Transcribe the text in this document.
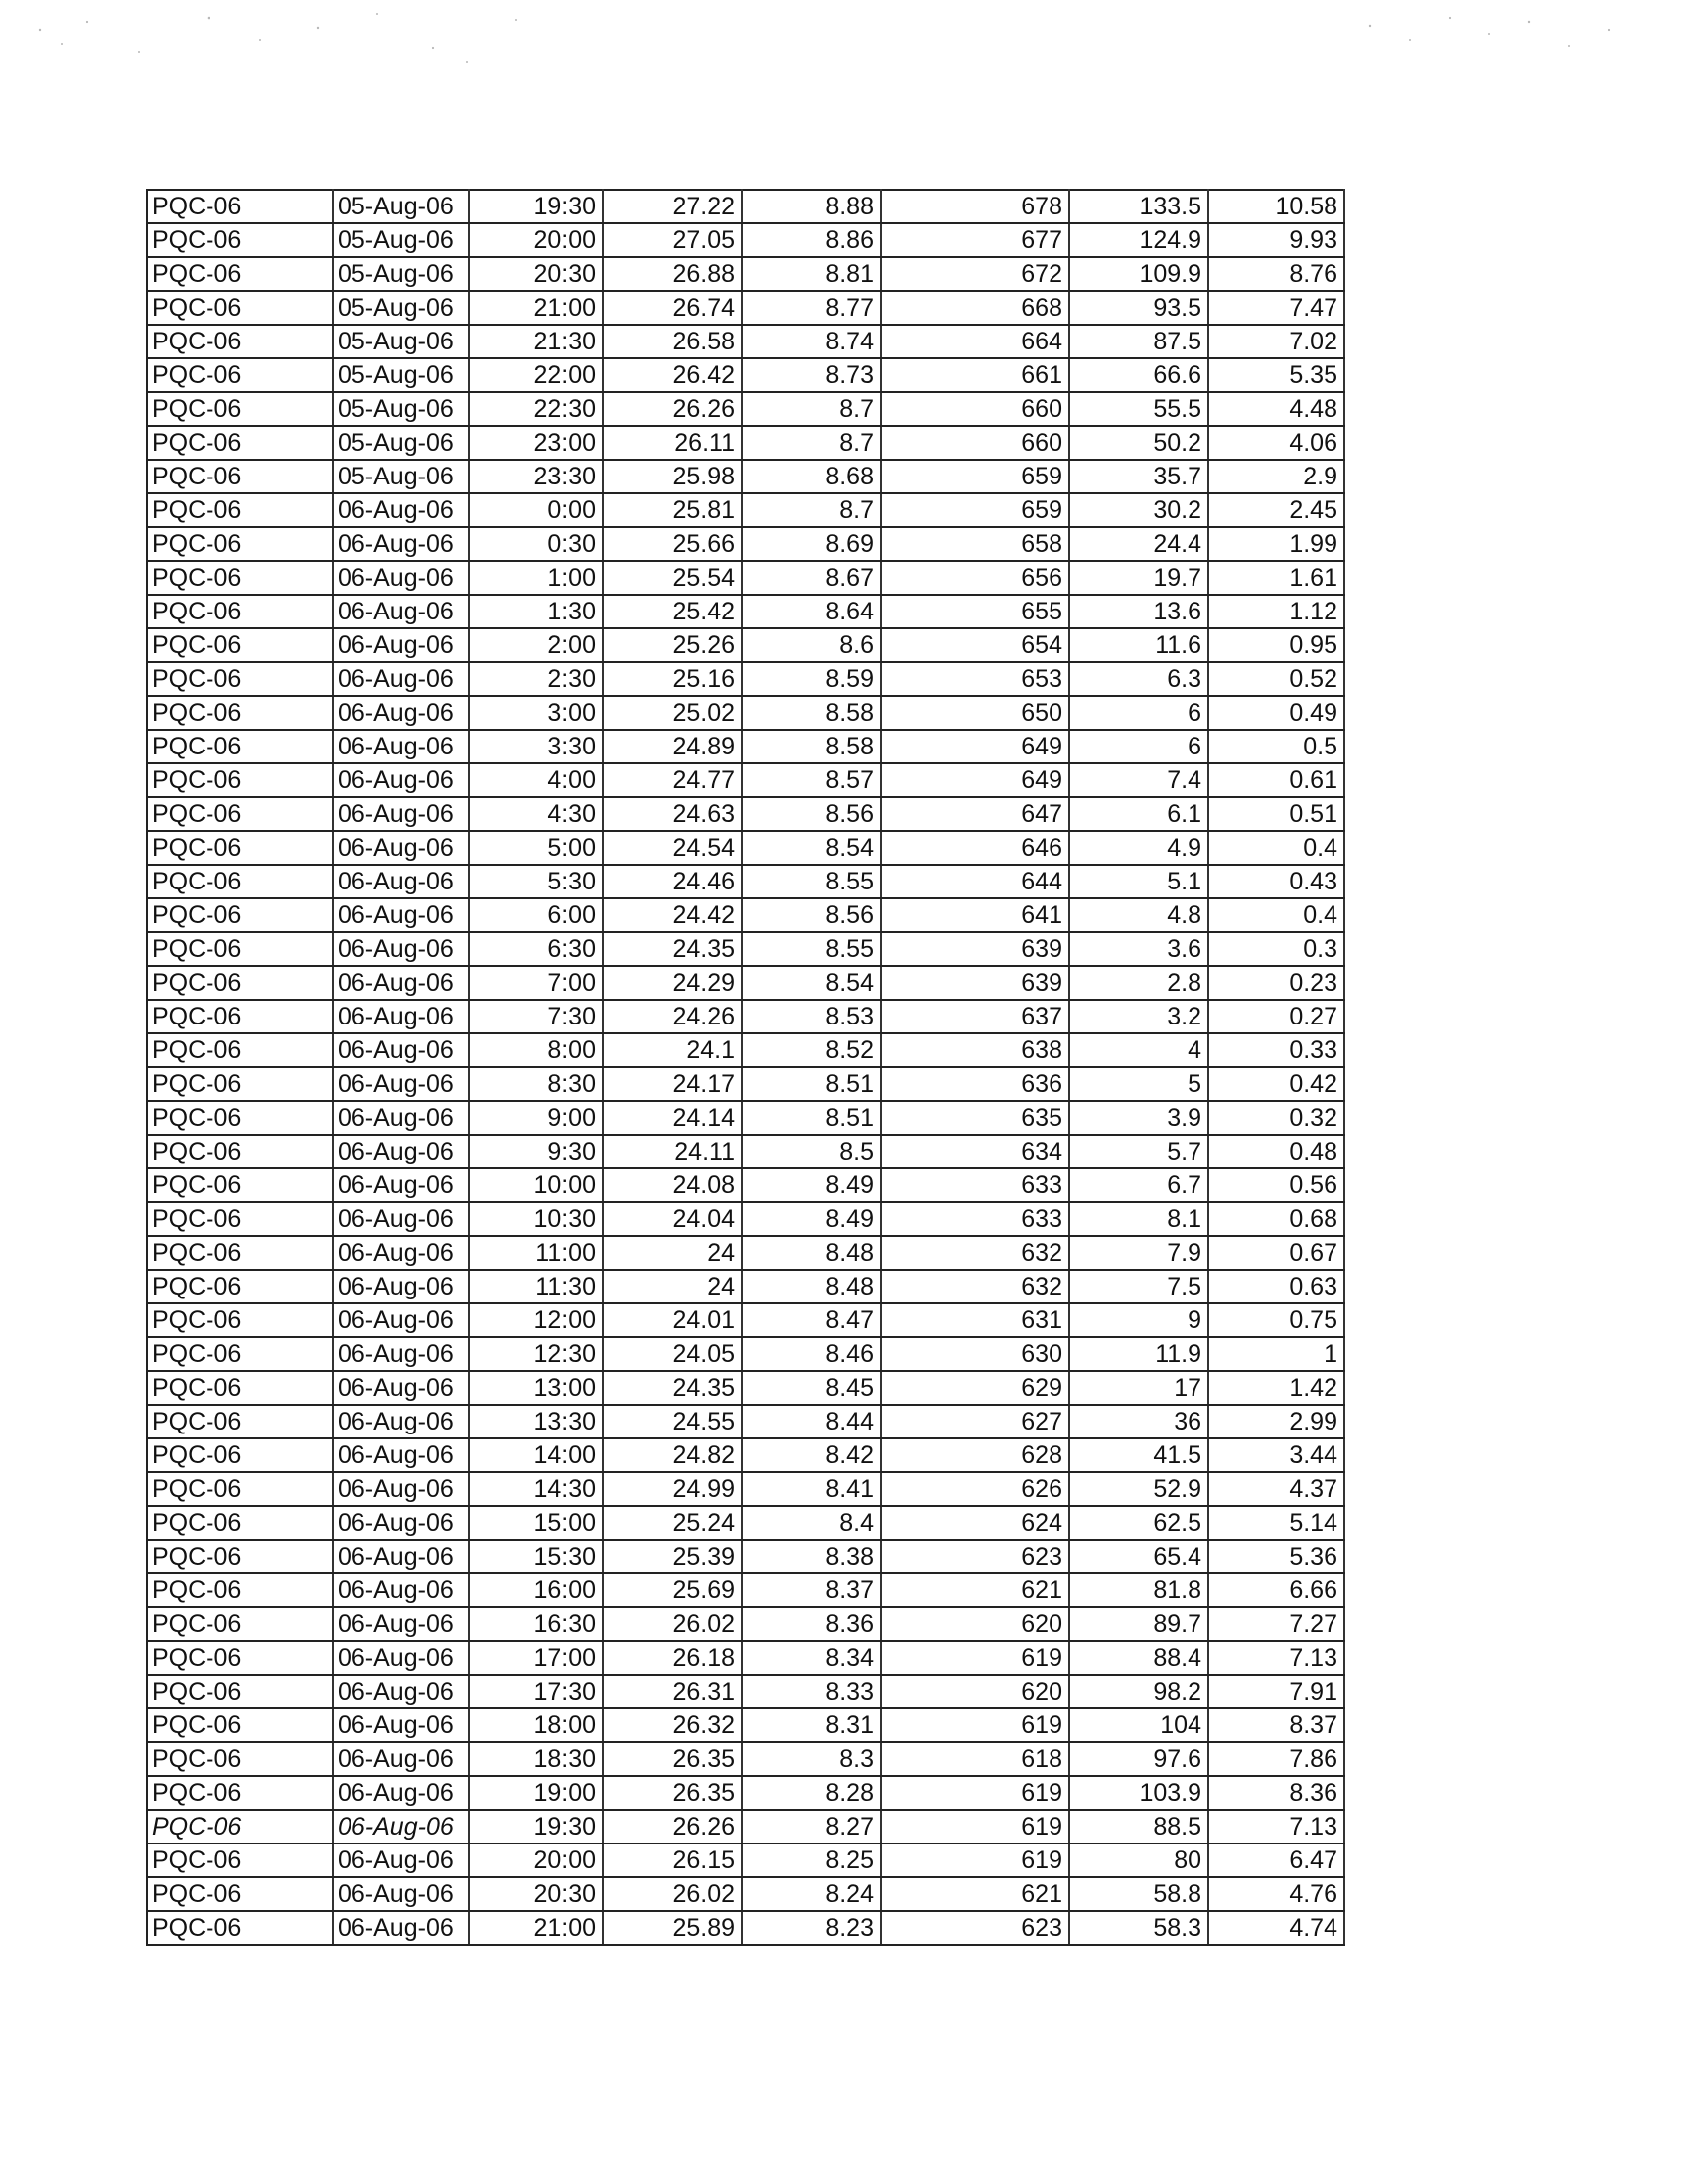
PQC-06	05-Aug-06	19:30	27.22	8.88	678	133.5	10.58
PQC-06	05-Aug-06	20:00	27.05	8.86	677	124.9	9.93
PQC-06	05-Aug-06	20:30	26.88	8.81	672	109.9	8.76
PQC-06	05-Aug-06	21:00	26.74	8.77	668	93.5	7.47
PQC-06	05-Aug-06	21:30	26.58	8.74	664	87.5	7.02
PQC-06	05-Aug-06	22:00	26.42	8.73	661	66.6	5.35
PQC-06	05-Aug-06	22:30	26.26	8.7	660	55.5	4.48
PQC-06	05-Aug-06	23:00	26.11	8.7	660	50.2	4.06
PQC-06	05-Aug-06	23:30	25.98	8.68	659	35.7	2.9
PQC-06	06-Aug-06	0:00	25.81	8.7	659	30.2	2.45
PQC-06	06-Aug-06	0:30	25.66	8.69	658	24.4	1.99
PQC-06	06-Aug-06	1:00	25.54	8.67	656	19.7	1.61
PQC-06	06-Aug-06	1:30	25.42	8.64	655	13.6	1.12
PQC-06	06-Aug-06	2:00	25.26	8.6	654	11.6	0.95
PQC-06	06-Aug-06	2:30	25.16	8.59	653	6.3	0.52
PQC-06	06-Aug-06	3:00	25.02	8.58	650	6	0.49
PQC-06	06-Aug-06	3:30	24.89	8.58	649	6	0.5
PQC-06	06-Aug-06	4:00	24.77	8.57	649	7.4	0.61
PQC-06	06-Aug-06	4:30	24.63	8.56	647	6.1	0.51
PQC-06	06-Aug-06	5:00	24.54	8.54	646	4.9	0.4
PQC-06	06-Aug-06	5:30	24.46	8.55	644	5.1	0.43
PQC-06	06-Aug-06	6:00	24.42	8.56	641	4.8	0.4
PQC-06	06-Aug-06	6:30	24.35	8.55	639	3.6	0.3
PQC-06	06-Aug-06	7:00	24.29	8.54	639	2.8	0.23
PQC-06	06-Aug-06	7:30	24.26	8.53	637	3.2	0.27
PQC-06	06-Aug-06	8:00	24.1	8.52	638	4	0.33
PQC-06	06-Aug-06	8:30	24.17	8.51	636	5	0.42
PQC-06	06-Aug-06	9:00	24.14	8.51	635	3.9	0.32
PQC-06	06-Aug-06	9:30	24.11	8.5	634	5.7	0.48
PQC-06	06-Aug-06	10:00	24.08	8.49	633	6.7	0.56
PQC-06	06-Aug-06	10:30	24.04	8.49	633	8.1	0.68
PQC-06	06-Aug-06	11:00	24	8.48	632	7.9	0.67
PQC-06	06-Aug-06	11:30	24	8.48	632	7.5	0.63
PQC-06	06-Aug-06	12:00	24.01	8.47	631	9	0.75
PQC-06	06-Aug-06	12:30	24.05	8.46	630	11.9	1
PQC-06	06-Aug-06	13:00	24.35	8.45	629	17	1.42
PQC-06	06-Aug-06	13:30	24.55	8.44	627	36	2.99
PQC-06	06-Aug-06	14:00	24.82	8.42	628	41.5	3.44
PQC-06	06-Aug-06	14:30	24.99	8.41	626	52.9	4.37
PQC-06	06-Aug-06	15:00	25.24	8.4	624	62.5	5.14
PQC-06	06-Aug-06	15:30	25.39	8.38	623	65.4	5.36
PQC-06	06-Aug-06	16:00	25.69	8.37	621	81.8	6.66
PQC-06	06-Aug-06	16:30	26.02	8.36	620	89.7	7.27
PQC-06	06-Aug-06	17:00	26.18	8.34	619	88.4	7.13
PQC-06	06-Aug-06	17:30	26.31	8.33	620	98.2	7.91
PQC-06	06-Aug-06	18:00	26.32	8.31	619	104	8.37
PQC-06	06-Aug-06	18:30	26.35	8.3	618	97.6	7.86
PQC-06	06-Aug-06	19:00	26.35	8.28	619	103.9	8.36
PQC-06	06-Aug-06	19:30	26.26	8.27	619	88.5	7.13
PQC-06	06-Aug-06	20:00	26.15	8.25	619	80	6.47
PQC-06	06-Aug-06	20:30	26.02	8.24	621	58.8	4.76
PQC-06	06-Aug-06	21:00	25.89	8.23	623	58.3	4.74
